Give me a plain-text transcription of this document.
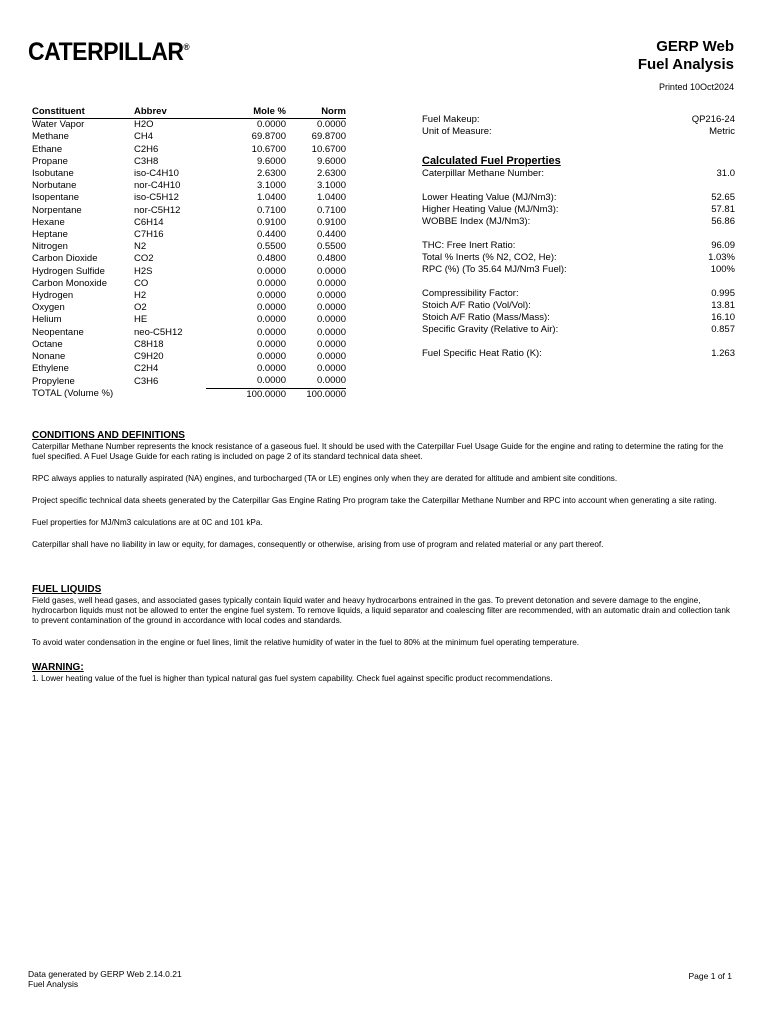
CATERPILLAR®	GERP Web
Fuel Analysis
Printed 10Oct2024
Constituent	Abbrev	Mole %	Norm
Water Vapor	H2O	0.0000	0.0000
Methane	CH4	69.8700	69.8700
Ethane	C2H6	10.6700	10.6700
Propane	C3H8	9.6000	9.6000
Isobutane	iso-C4H10	2.6300	2.6300
Norbutane	nor-C4H10	3.1000	3.1000
Isopentane	iso-C5H12	1.0400	1.0400
Norpentane	nor-C5H12	0.7100	0.7100
Hexane	C6H14	0.9100	0.9100
Heptane	C7H16	0.4400	0.4400
Nitrogen	N2	0.5500	0.5500
Carbon Dioxide	CO2	0.4800	0.4800
Hydrogen Sulfide	H2S	0.0000	0.0000
Carbon Monoxide	CO	0.0000	0.0000
Hydrogen	H2	0.0000	0.0000
Oxygen	O2	0.0000	0.0000
Helium	HE	0.0000	0.0000
Neopentane	neo-C5H12	0.0000	0.0000
Octane	C8H18	0.0000	0.0000
Nonane	C9H20	0.0000	0.0000
Ethylene	C2H4	0.0000	0.0000
Propylene	C3H6	0.0000	0.0000
TOTAL (Volume %)		100.0000	100.0000
Fuel Makeup:	QP216-24
Unit of Measure:	Metric
Calculated Fuel Properties
Caterpillar Methane Number:	31.0
Lower Heating Value (MJ/Nm3):	52.65
Higher Heating Value (MJ/Nm3):	57.81
WOBBE Index (MJ/Nm3):	56.86
THC: Free Inert Ratio:	96.09
Total % Inerts (% N2, CO2, He):	1.03%
RPC (%) (To 35.64 MJ/Nm3 Fuel):	100%
Compressibility Factor:	0.995
Stoich A/F Ratio (Vol/Vol):	13.81
Stoich A/F Ratio (Mass/Mass):	16.10
Specific Gravity (Relative to Air):	0.857
Fuel Specific Heat Ratio (K):	1.263
CONDITIONS AND DEFINITIONS

Caterpillar Methane Number represents the knock resistance of a gaseous fuel. It should be used with the Caterpillar Fuel Usage Guide for the engine and rating to determine the rating for the fuel specified. A Fuel Usage Guide for each rating is included on page 2 of its standard technical data sheet.

RPC always applies to naturally aspirated (NA) engines, and turbocharged (TA or LE) engines only when they are derated for altitude and ambient site conditions.

Project specific technical data sheets generated by the Caterpillar Gas Engine Rating Pro program take the Caterpillar Methane Number and RPC into account when generating a site rating.

Fuel properties for MJ/Nm3 calculations are at 0C and 101 kPa.

Caterpillar shall have no liability in law or equity, for damages, consequently or otherwise, arising from use of program and related material or any part thereof.

FUEL LIQUIDS

Field gases, well head gases, and associated gases typically contain liquid water and heavy hydrocarbons entrained in the gas. To prevent detonation and severe damage to the engine, hydrocarbon liquids must not be allowed to enter the engine fuel system. To remove liquids, a liquid separator and coalescing filter are recommended, with an automatic drain and collection tank to prevent contamination of the ground in accordance with local codes and standards.

To avoid water condensation in the engine or fuel lines, limit the relative humidity of water in the fuel to 80% at the minimum fuel operating temperature.

WARNING:

1. Lower heating value of the fuel is higher than typical natural gas fuel system capability. Check fuel against specific product recommendations.

Data generated by GERP Web 2.14.0.21
Fuel Analysis
Page 1 of 1
